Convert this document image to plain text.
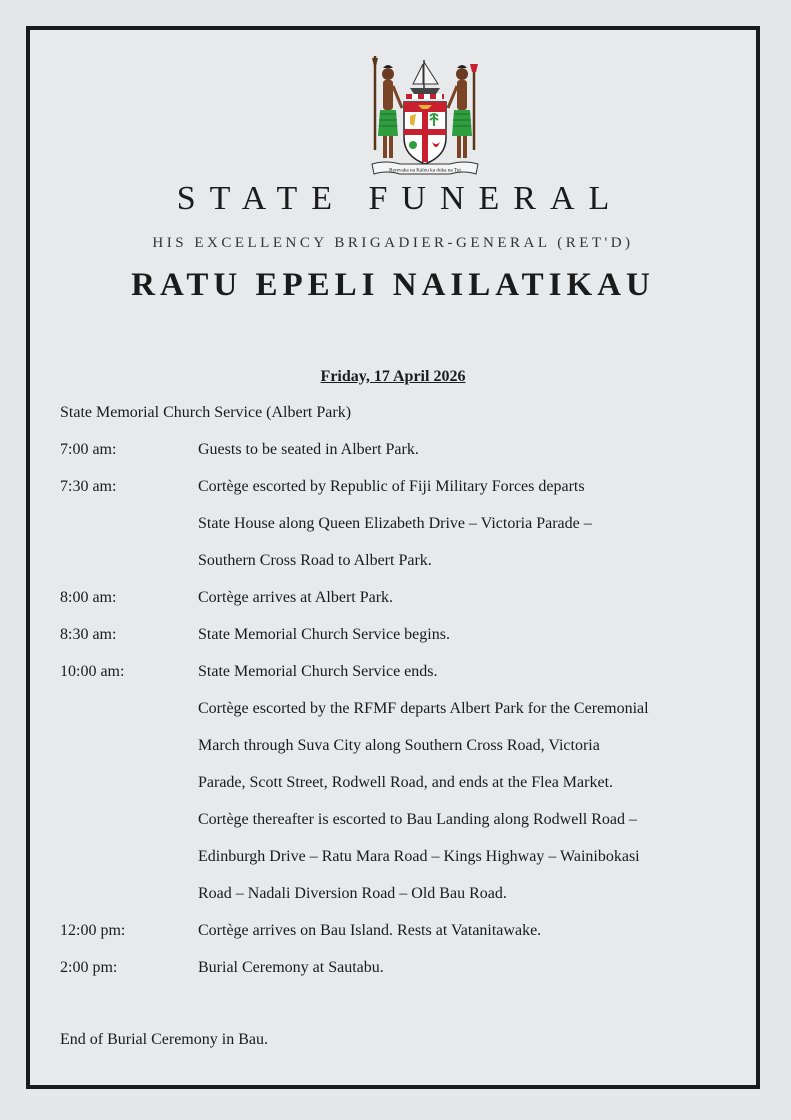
Rerevaka na Kalou ka doka na Tui
STATE FUNERAL
HIS EXCELLENCY BRIGADIER-GENERAL (RET'D)
RATU EPELI NAILATIKAU
Friday, 17 April 2026
State Memorial Church Service (Albert Park)
7:00 am:	Guests to be seated in Albert Park.
7:30 am:	Cortège escorted by Republic of Fiji Military Forces departs
State House along Queen Elizabeth Drive – Victoria Parade –
Southern Cross Road to Albert Park.
8:00 am:	Cortège arrives at Albert Park.
8:30 am:	State Memorial Church Service begins.
10:00 am:	State Memorial Church Service ends.
Cortège escorted by the RFMF departs Albert Park for the Ceremonial
March through Suva City along Southern Cross Road, Victoria
Parade, Scott Street, Rodwell Road, and ends at the Flea Market.
Cortège thereafter is escorted to Bau Landing along Rodwell Road –
Edinburgh Drive – Ratu Mara Road – Kings Highway – Wainibokasi
Road – Nadali Diversion Road – Old Bau Road.
12:00 pm:	Cortège arrives on Bau Island. Rests at Vatanitawake.
2:00 pm:	Burial Ceremony at Sautabu.
End of Burial Ceremony in Bau.
